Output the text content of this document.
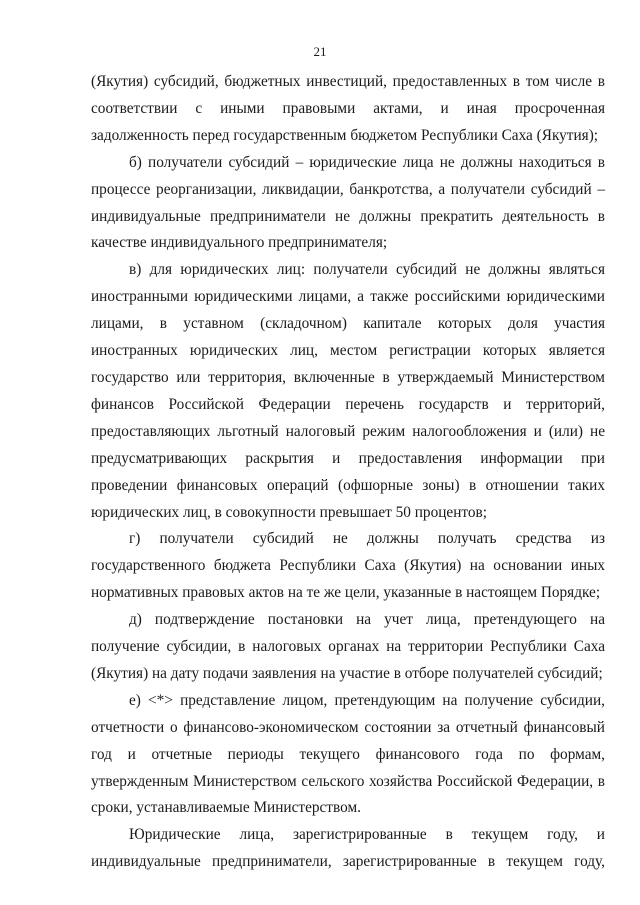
21

(Якутия) субсидий, бюджетных инвестиций, предоставленных в том числе в соответствии с иными правовыми актами, и иная просроченная задолженность перед государственным бюджетом Республики Саха (Якутия);

б) получатели субсидий – юридические лица не должны находиться в процессе реорганизации, ликвидации, банкротства, а получатели субсидий – индивидуальные предприниматели не должны прекратить деятельность в качестве индивидуального предпринимателя;

в) для юридических лиц: получатели субсидий не должны являться иностранными юридическими лицами, а также российскими юридическими лицами, в уставном (складочном) капитале которых доля участия иностранных юридических лиц, местом регистрации которых является государство или территория, включенные в утверждаемый Министерством финансов Российской Федерации перечень государств и территорий, предоставляющих льготный налоговый режим налогообложения и (или) не предусматривающих раскрытия и предоставления информации при проведении финансовых операций (офшорные зоны) в отношении таких юридических лиц, в совокупности превышает 50 процентов;

г) получатели субсидий не должны получать средства из государственного бюджета Республики Саха (Якутия) на основании иных нормативных правовых актов на те же цели, указанные в настоящем Порядке;

д) подтверждение постановки на учет лица, претендующего на получение субсидии, в налоговых органах на территории Республики Саха (Якутия) на дату подачи заявления на участие в отборе получателей субсидий;

е) <*> представление лицом, претендующим на получение субсидии, отчетности о финансово-экономическом состоянии за отчетный финансовый год и отчетные периоды текущего финансового года по формам, утвержденным Министерством сельского хозяйства Российской Федерации, в сроки, устанавливаемые Министерством.

Юридические лица, зарегистрированные в текущем году, и индивидуальные предприниматели, зарегистрированные в текущем году,
